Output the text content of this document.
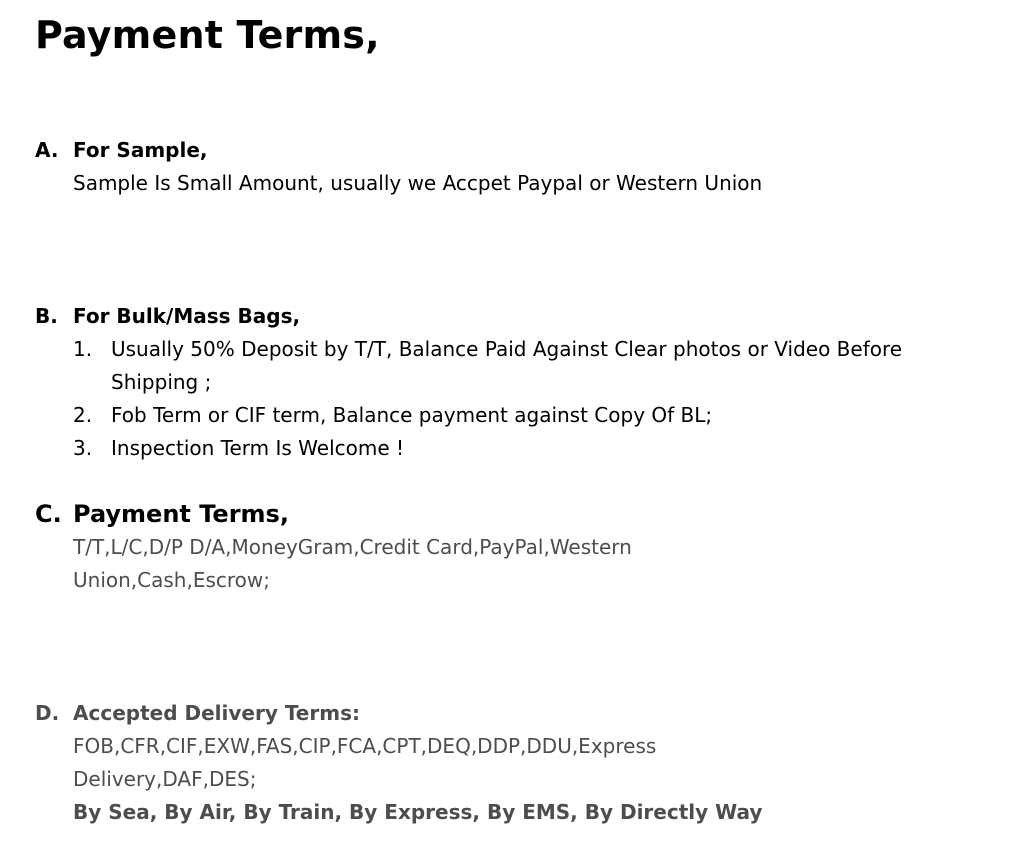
Payment Terms,
A. For Sample,
Sample Is Small Amount, usually we Accpet Paypal or Western Union
B. For Bulk/Mass Bags,
1. Usually 50% Deposit by T/T, Balance Paid Against Clear photos or Video Before Shipping ;
2. Fob Term or CIF term, Balance payment against Copy Of BL;
3. Inspection Term Is Welcome !
C. Payment Terms,
T/T,L/C,D/P D/A,MoneyGram,Credit Card,PayPal,Western Union,Cash,Escrow;
D. Accepted Delivery Terms:
FOB,CFR,CIF,EXW,FAS,CIP,FCA,CPT,DEQ,DDP,DDU,Express Delivery,DAF,DES;
By Sea, By Air, By Train, By Express, By EMS, By Directly Way
